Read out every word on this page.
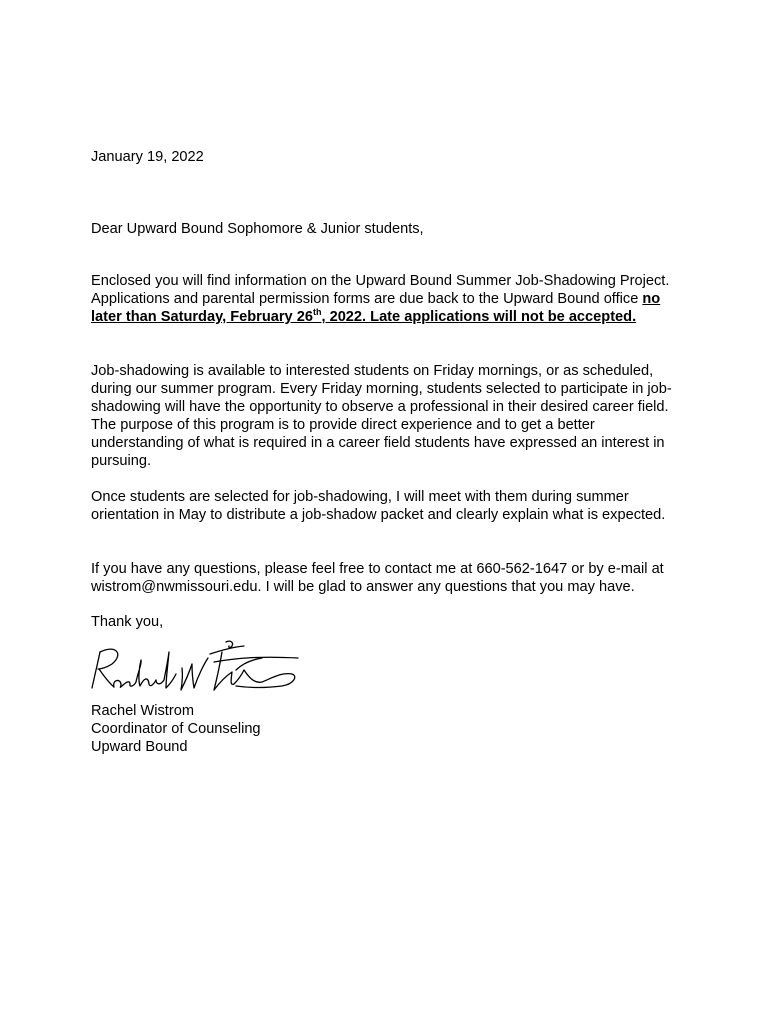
January 19, 2022

Dear Upward Bound Sophomore & Junior students,

Enclosed you will find information on the Upward Bound Summer Job-Shadowing Project. Applications and parental permission forms are due back to the Upward Bound office no later than Saturday, February 26th, 2022. Late applications will not be accepted.

Job-shadowing is available to interested students on Friday mornings, or as scheduled, during our summer program. Every Friday morning, students selected to participate in job-shadowing will have the opportunity to observe a professional in their desired career field. The purpose of this program is to provide direct experience and to get a better understanding of what is required in a career field students have expressed an interest in pursuing.

Once students are selected for job-shadowing, I will meet with them during summer orientation in May to distribute a job-shadow packet and clearly explain what is expected.

If you have any questions, please feel free to contact me at 660-562-1647 or by e-mail at wistrom@nwmissouri.edu. I will be glad to answer any questions that you may have.

Thank you,

Rachel Wistrom

Coordinator of Counseling

Upward Bound
